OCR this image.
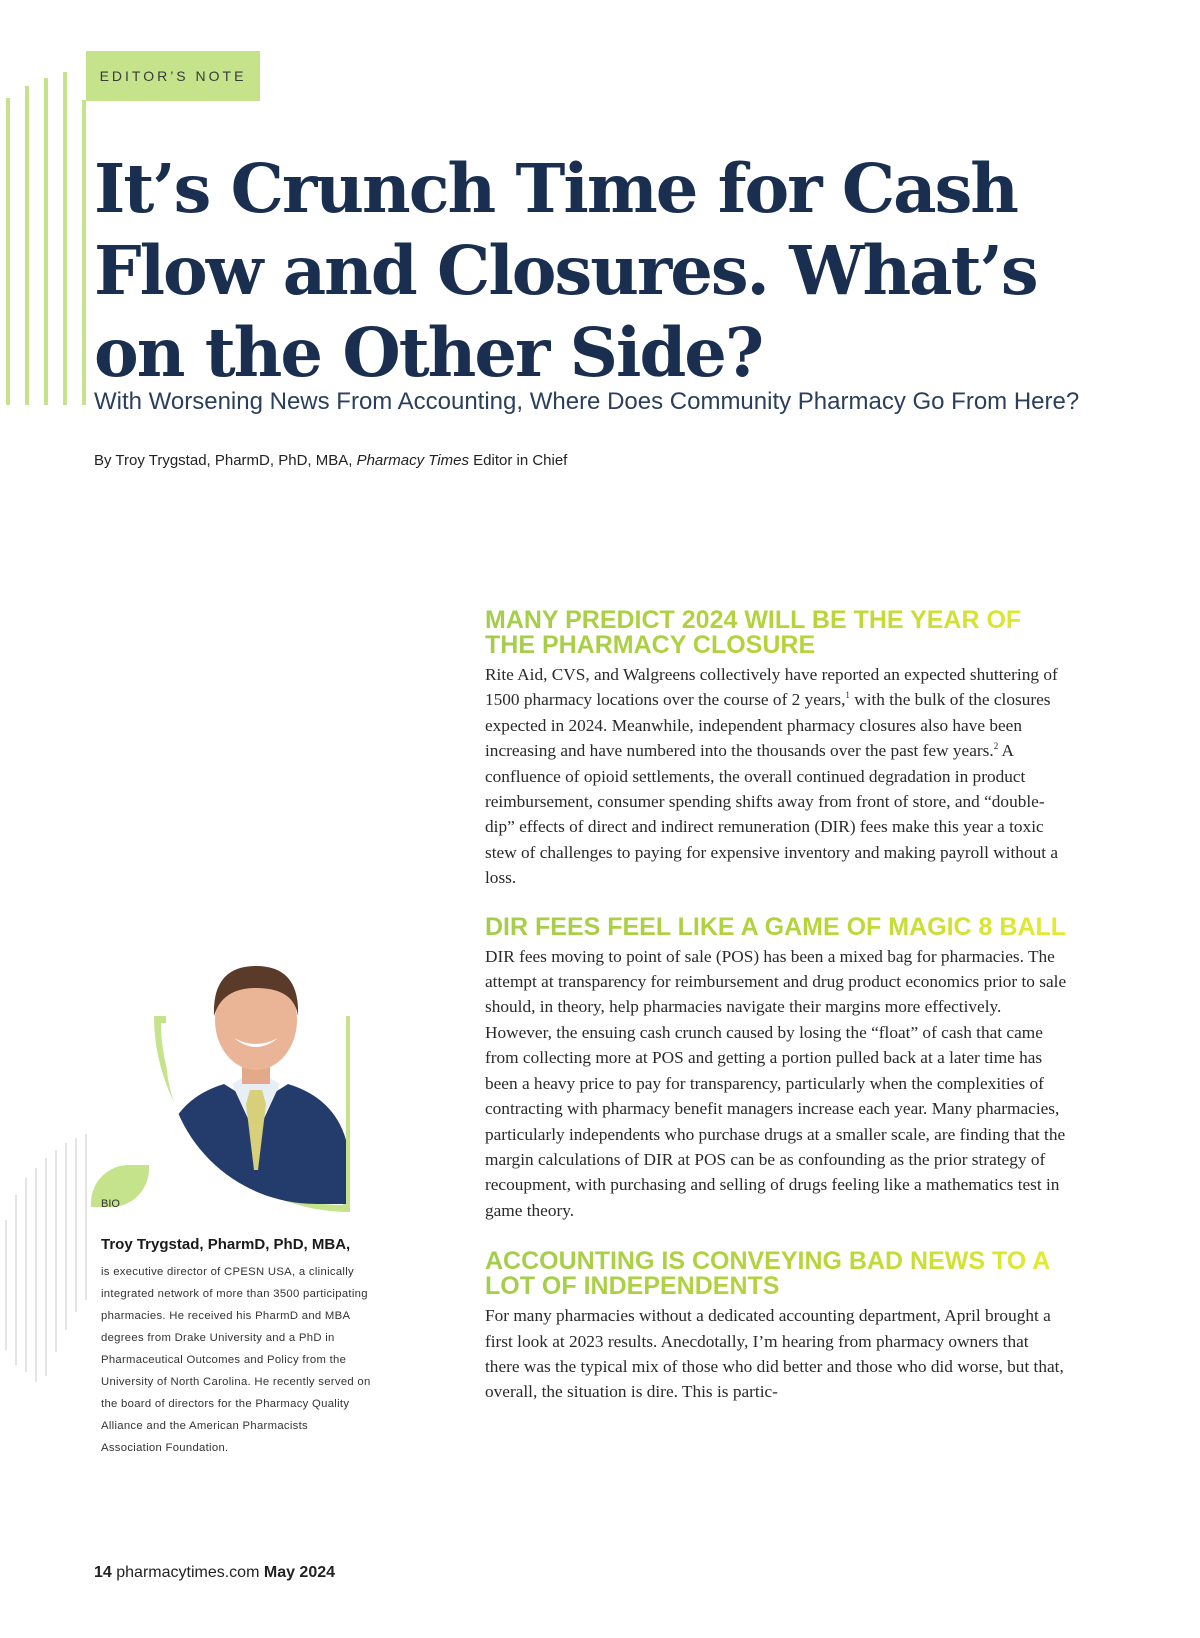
EDITOR’S NOTE
It’s Crunch Time for Cash Flow and Closures. What’s on the Other Side?
With Worsening News From Accounting, Where Does Community Pharmacy Go From Here?

By Troy Trygstad, PharmD, PhD, MBA, Pharmacy Times Editor in Chief

MANY PREDICT 2024 WILL BE THE YEAR OF THE PHARMACY CLOSURE

Rite Aid, CVS, and Walgreens collectively have reported an expected shuttering of 1500 pharmacy locations over the course of 2 years,$^1$ with the bulk of the closures expected in 2024. Meanwhile, independent pharmacy closures also have been increasing and have numbered into the thousands over the past few years.$^2$ A confluence of opioid settlements, the overall continued degradation in product reimbursement, consumer spending shifts away from front of store, and “double-dip” effects of direct and indirect remuneration (DIR) fees make this year a toxic stew of challenges to paying for expensive inventory and making payroll without a loss.

DIR FEES FEEL LIKE A GAME OF MAGIC 8 BALL

DIR fees moving to point of sale (POS) has been a mixed bag for pharmacies. The attempt at transparency for reimbursement and drug product economics prior to sale should, in theory, help pharmacies navigate their margins more effectively. However, the ensuing cash crunch caused by losing the “float” of cash that came from collecting more at POS and getting a portion pulled back at a later time has been a heavy price to pay for transparency, particularly when the complexities of contracting with pharmacy benefit managers increase each year. Many pharmacies, particularly independents who purchase drugs at a smaller scale, are finding that the margin calculations of DIR at POS can be as confounding as the prior strategy of recoupment, with purchasing and selling of drugs feeling like a mathematics test in game theory.

ACCOUNTING IS CONVEYING BAD NEWS TO A LOT OF INDEPENDENTS

For many pharmacies without a dedicated accounting department, April brought a first look at 2023 results. Anecdotally, I’m hearing from pharmacy owners that there was the typical mix of those who did better and those who did worse, but that, overall, the situation is dire. This is partic-

BIO
Troy Trygstad, PharmD, PhD, MBA,

is executive director of CPESN USA, a clinically integrated network of more than 3500 participating pharmacies. He received his PharmD and MBA degrees from Drake University and a PhD in Pharmaceutical Outcomes and Policy from the University of North Carolina. He recently served on the board of directors for the Pharmacy Quality Alliance and the American Pharmacists Association Foundation.

14 pharmacytimes.com May 2024
